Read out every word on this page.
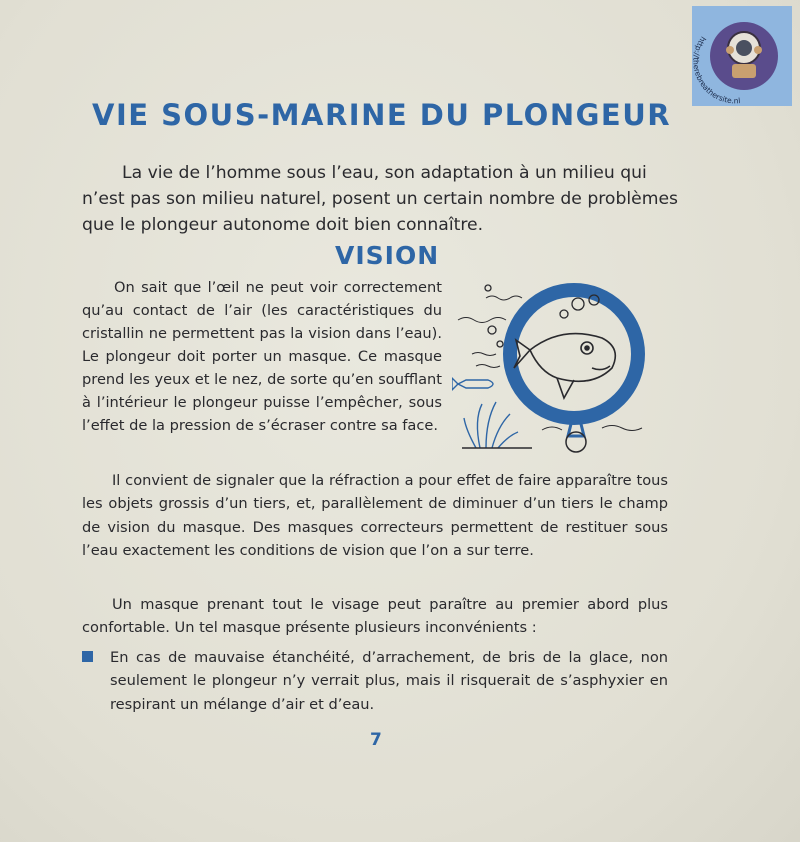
VIE SOUS-MARINE DU PLONGEUR

La vie de l’homme sous l’eau, son adaptation à un milieu qui n’est pas son milieu naturel, posent un certain nombre de problèmes que le plongeur autonome doit bien connaître.

VISION

On sait que l’œil ne peut voir correctement qu’au contact de l’air (les caractéristiques du cristallin ne permettent pas la vision dans l’eau). Le plongeur doit porter un masque. Ce masque prend les yeux et le nez, de sorte qu’en soufflant à l’intérieur le plongeur puisse l’empêcher, sous l’effet de la pression de s’écraser contre sa face.

Il convient de signaler que la réfraction a pour effet de faire apparaître tous les objets grossis d’un tiers, et, parallèlement de diminuer d’un tiers le champ de vision du masque. Des masques correcteurs permettent de restituer sous l’eau exactement les conditions de vision que l’on a sur terre.

Un masque prenant tout le visage peut paraître au premier abord plus confortable. Un tel masque présente plusieurs inconvénients :

En cas de mauvaise étanchéité, d’arrachement, de bris de la glace, non seulement le plongeur n’y verrait plus, mais il risquerait de s’asphyxier en respirant un mélange d’air et d’eau.
7
http://therebreathersite.nl
